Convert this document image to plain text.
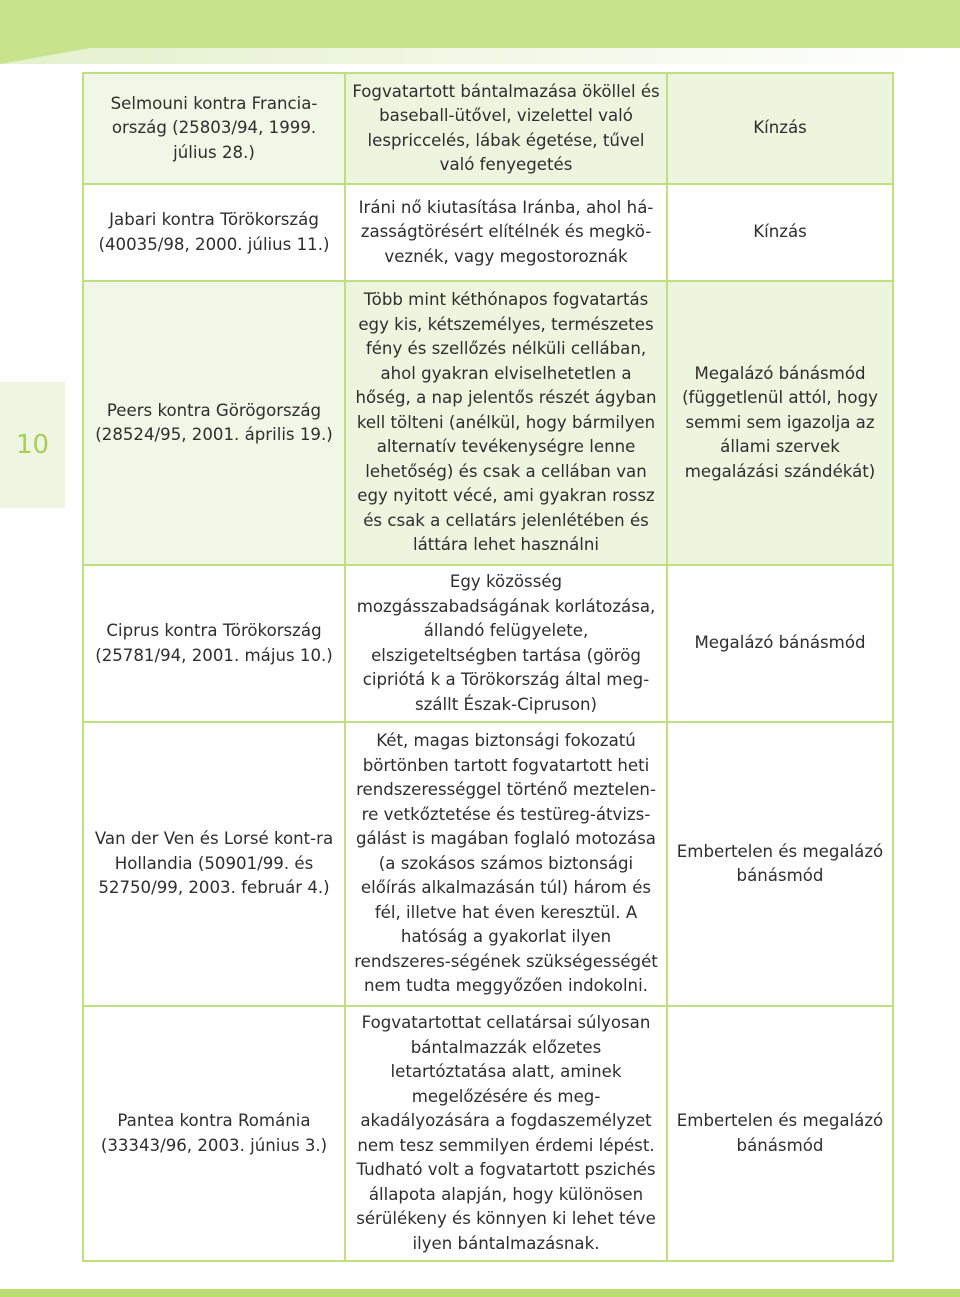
10
Selmouni kontra Francia-ország (25803/94, 1999. július 28.)	Fogvatartott bántalmazása ököllel és baseball-ütővel, vizelettel való lespriccelés, lábak égetése, tűvel való fenyegetés	Kínzás
Jabari kontra Törökország (40035/98, 2000. július 11.)	Iráni nő kiutasítása Iránba, ahol há-zasságtörésért elítélnék és megkö-veznék, vagy megostoroznák	Kínzás
Peers kontra Görögország (28524/95, 2001. április 19.)	Több mint kéthónapos fogvatartás egy kis, kétszemélyes, természetes fény és szellőzés nélküli cellában, ahol gyakran elviselhetetlen a hőség, a nap jelentős részét ágyban kell tölteni (anélkül, hogy bármilyen alternatív tevékenységre lenne lehetőség) és csak a cellában van egy nyitott vécé, ami gyakran rossz és csak a cellatárs jelenlétében és láttára lehet használni	Megalázó bánásmód (függetlenül attól, hogy semmi sem igazolja az állami szervek megalázási szándékát)
Ciprus kontra Törökország (25781/94, 2001. május 10.)	Egy közösség mozgásszabadságának korlátozása, állandó felügyelete, elszigeteltségben tartása (görög cipriótá k a Törökország által meg-szállt Észak-Cipruson)	Megalázó bánásmód
Van der Ven és Lorsé kont-ra Hollandia (50901/99. és 52750/99, 2003. február 4.)	Két, magas biztonsági fokozatú börtönben tartott fogvatartott heti rendszerességgel történő meztelen-re vetkőztetése és testüreg-átvizs-gálást is magában foglaló motozása (a szokásos számos biztonsági előírás alkalmazásán túl) három és fél, illetve hat éven keresztül. A hatóság a gyakorlat ilyen rendszeres-ségének szükségességét nem tudta meggyőzően indokolni.	Embertelen és megalázó bánásmód
Pantea kontra Románia (33343/96, 2003. június 3.)	Fogvatartottat cellatársai súlyosan bántalmazzák előzetes letartóztatása alatt, aminek megelőzésére és meg-akadályozására a fogdaszemélyzet nem tesz semmilyen érdemi lépést. Tudható volt a fogvatartott pszichés állapota alapján, hogy különösen sérülékeny és könnyen ki lehet téve ilyen bántalmazásnak.	Embertelen és megalázó bánásmód
